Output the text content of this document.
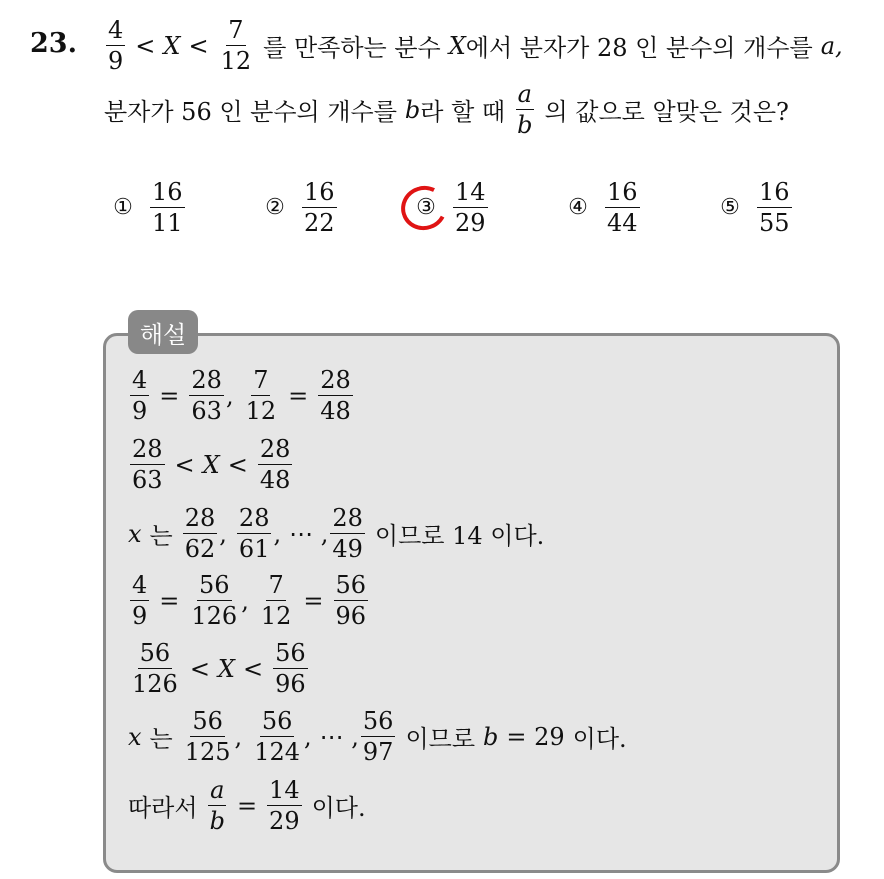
23. $\frac{4}{9} < X < \frac{7}{12}$ 를 만족하는 분수 X 에서 분자가 28 인 분수의 개수를 a,
분자가 56 인 분수의 개수를 b 라 할 때 $\frac{a}{b}$ 의 값으로 알맞은 것은?
① $\frac{16}{11}$	② $\frac{16}{22}$	③ $\frac{14}{29}$	④ $\frac{16}{44}$	⑤ $\frac{16}{55}$
해설
$\frac{4}{9} = \frac{28}{63}$ , $\frac{7}{12} = \frac{28}{48}$
$\frac{28}{63} < X < \frac{28}{48}$
x 는 $\frac{28}{62}$ , $\frac{28}{61}$ , ⋯ , $\frac{28}{49}$ 이므로 14 이다.
$\frac{4}{9} = \frac{56}{126}$ , $\frac{7}{12} = \frac{56}{96}$
$\frac{56}{126} < X < \frac{56}{96}$
x 는 $\frac{56}{125}$ , $\frac{56}{124}$ , ⋯ , $\frac{56}{97}$ 이므로 b = 29 이다.
따라서 $\frac{a}{b} = \frac{14}{29}$ 이다.
